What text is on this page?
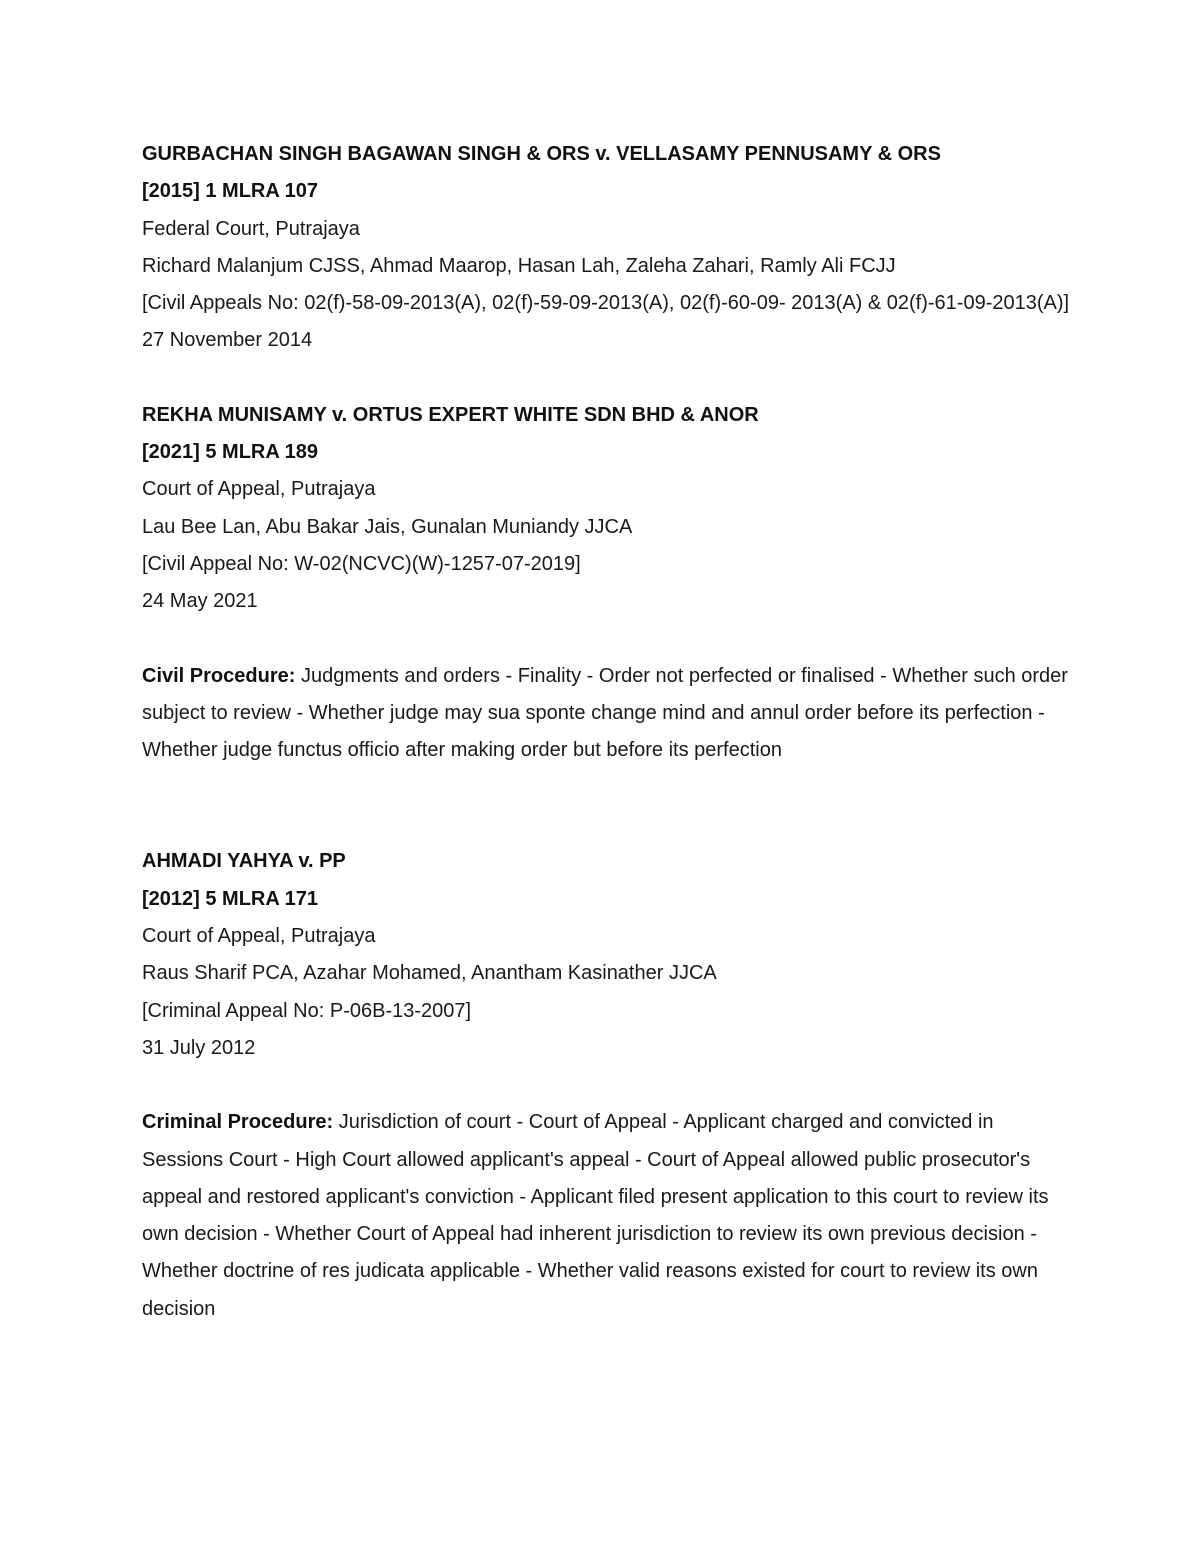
GURBACHAN SINGH BAGAWAN SINGH & ORS v. VELLASAMY PENNUSAMY & ORS

[2015] 1 MLRA 107

Federal Court, Putrajaya

Richard Malanjum CJSS, Ahmad Maarop, Hasan Lah, Zaleha Zahari, Ramly Ali FCJJ

[Civil Appeals No: 02(f)-58-09-2013(A), 02(f)-59-09-2013(A), 02(f)-60-09- 2013(A) & 02(f)-61-09-2013(A)]

27 November 2014

REKHA MUNISAMY v. ORTUS EXPERT WHITE SDN BHD & ANOR

[2021] 5 MLRA 189

Court of Appeal, Putrajaya

Lau Bee Lan, Abu Bakar Jais, Gunalan Muniandy JJCA

[Civil Appeal No: W-02(NCVC)(W)-1257-07-2019]

24 May 2021

Civil Procedure: Judgments and orders - Finality - Order not perfected or finalised - Whether such order subject to review - Whether judge may sua sponte change mind and annul order before its perfection - Whether judge functus officio after making order but before its perfection

AHMADI YAHYA v. PP

[2012] 5 MLRA 171

Court of Appeal, Putrajaya

Raus Sharif PCA, Azahar Mohamed, Anantham Kasinather JJCA

[Criminal Appeal No: P-06B-13-2007]

31 July 2012

Criminal Procedure: Jurisdiction of court - Court of Appeal - Applicant charged and convicted in Sessions Court - High Court allowed applicant's appeal - Court of Appeal allowed public prosecutor's appeal and restored applicant's conviction - Applicant filed present application to this court to review its own decision - Whether Court of Appeal had inherent jurisdiction to review its own previous decision - Whether doctrine of res judicata applicable - Whether valid reasons existed for court to review its own decision
